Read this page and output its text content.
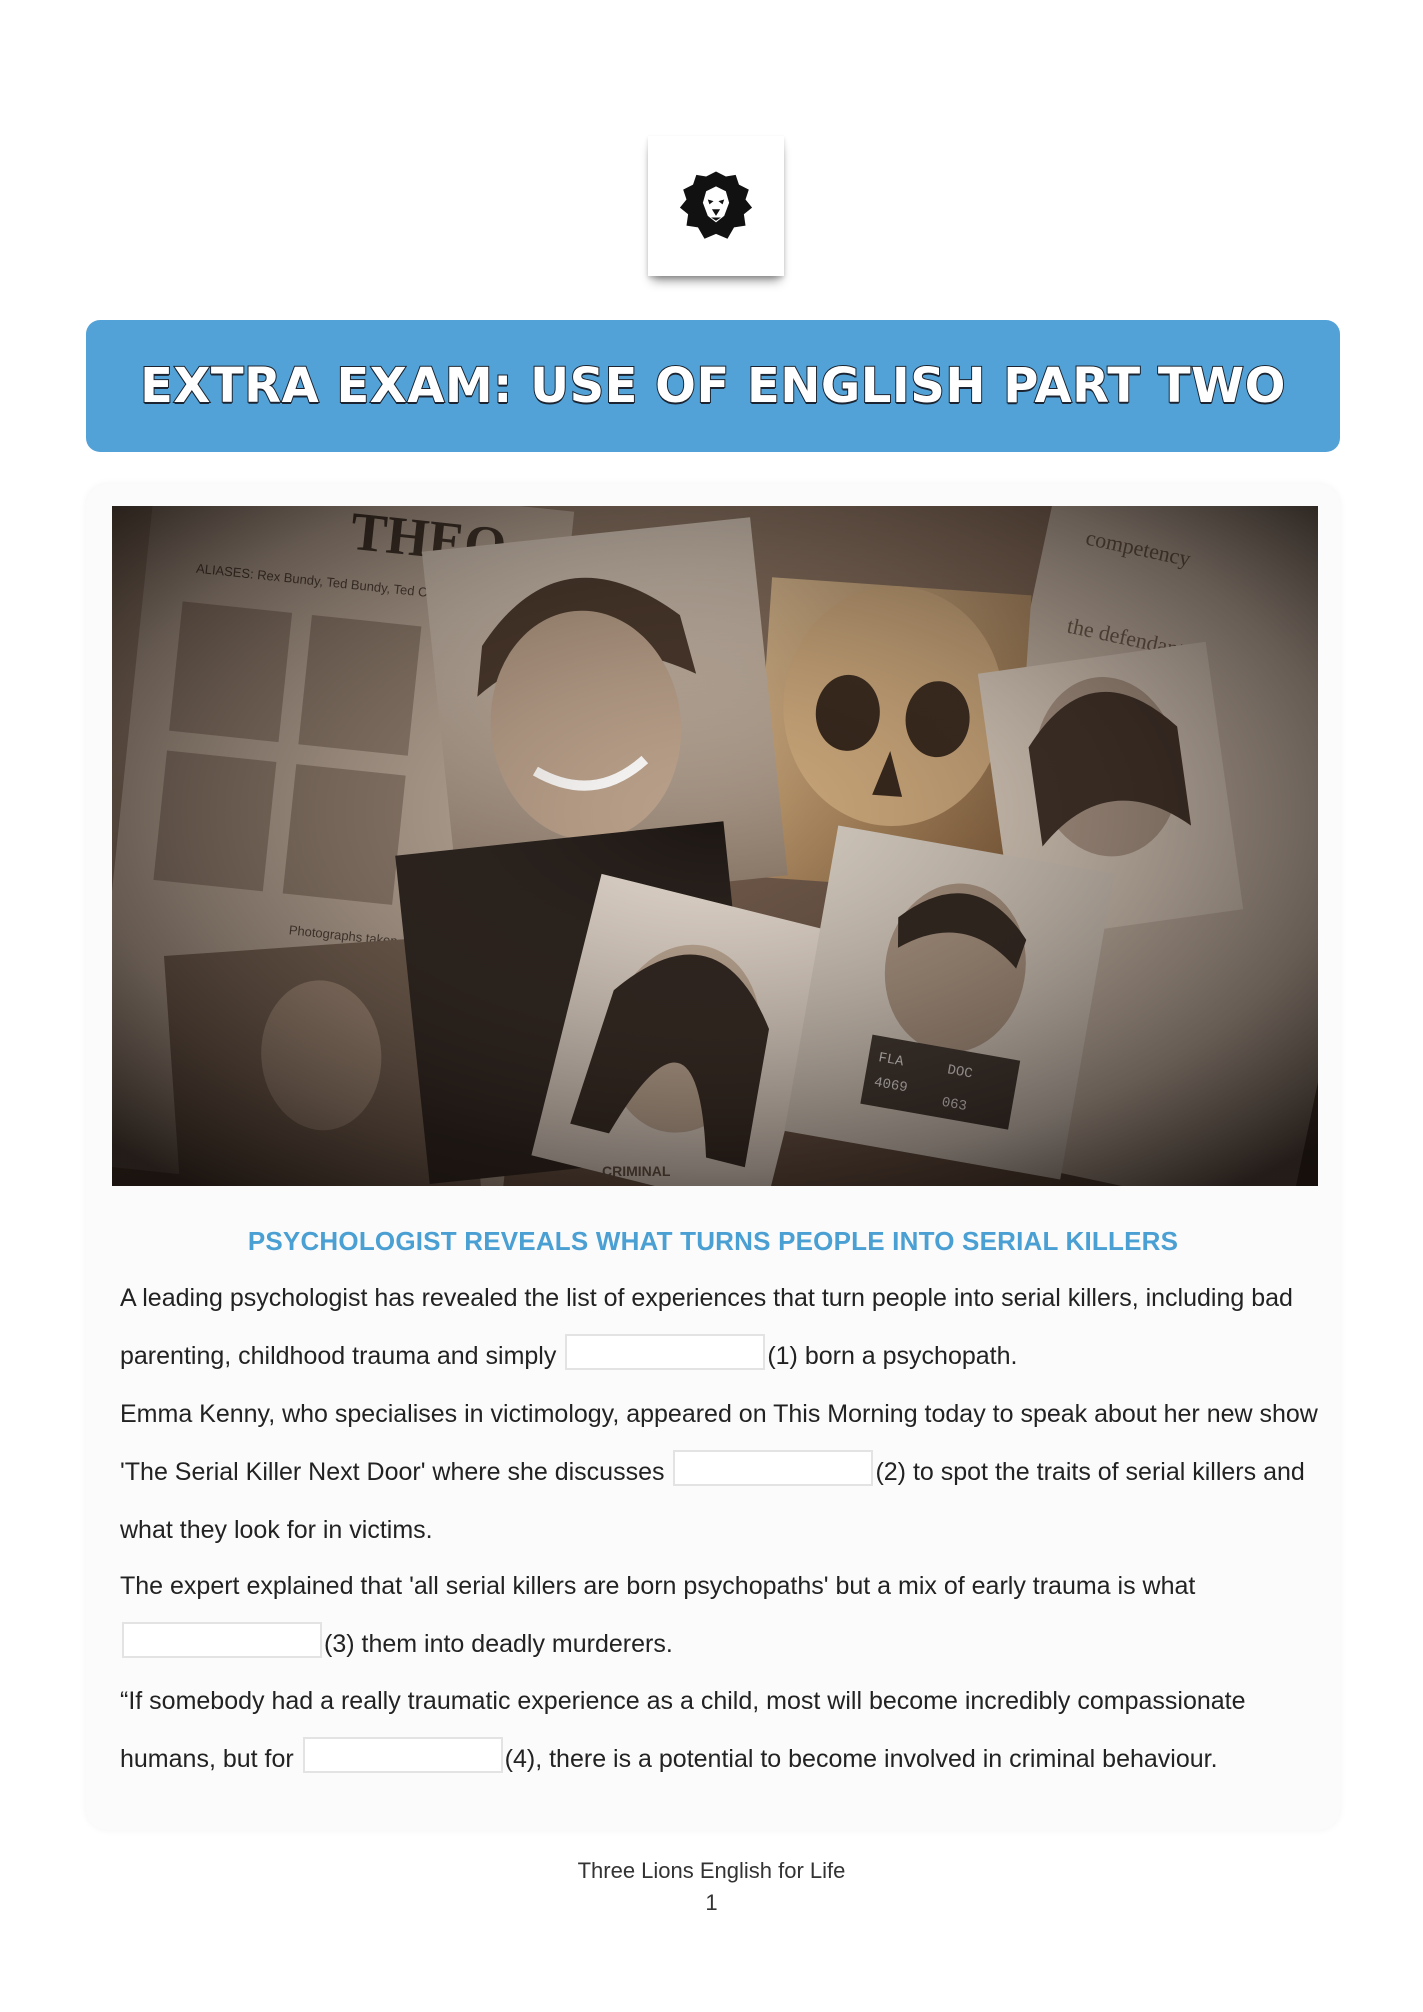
EXTRA EXAM: USE OF ENGLISH PART TWO
PSYCHOLOGIST REVEALS WHAT TURNS PEOPLE INTO SERIAL KILLERS
A leading psychologist has revealed the list of experiences that turn people into serial killers, including bad parenting, childhood trauma and simply	(1) born a psychopath.
Emma Kenny, who specialises in victimology, appeared on This Morning today to speak about her new show 'The Serial Killer Next Door' where she discusses	(2) to spot the traits of serial killers and what they look for in victims.
The expert explained that 'all serial killers are born psychopaths' but a mix of early trauma is what (3) them into deadly murderers.
“If somebody had a really traumatic experience as a child, most will become incredibly compassionate humans, but for	(4), there is a potential to become involved in criminal behaviour.
Three Lions English for Life
1
